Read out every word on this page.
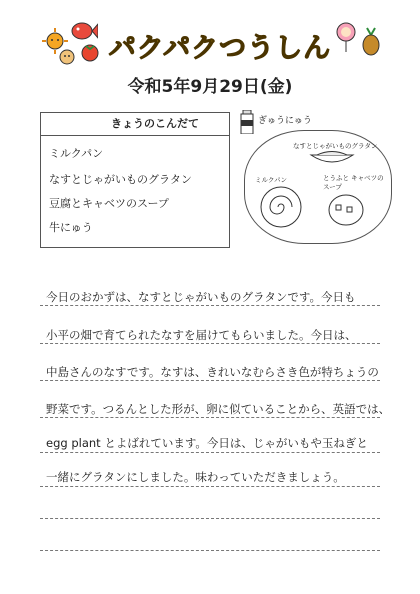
パクパクつうしん
令和5年9月29日(金)
きょうのこんだて
ミルクパン
なすとじゃがいものグラタン
豆腐とキャベツのスープ
牛にゅう
ぎゅうにゅう
なすとじゃがいものグラタン
ミルクパン	とうふと キャベツのスープ
今日のおかずは、なすとじゃがいものグラタンです。今日も
小平の畑で育てられたなすを届けてもらいました。今日は、
中島さんのなすです。なすは、きれいなむらさき色が特ちょうの
野菜です。つるんとした形が、卵に似ていることから、英語では、
egg plant とよばれています。今日は、じゃがいもや玉ねぎと
一緒にグラタンにしました。味わっていただきましょう。
